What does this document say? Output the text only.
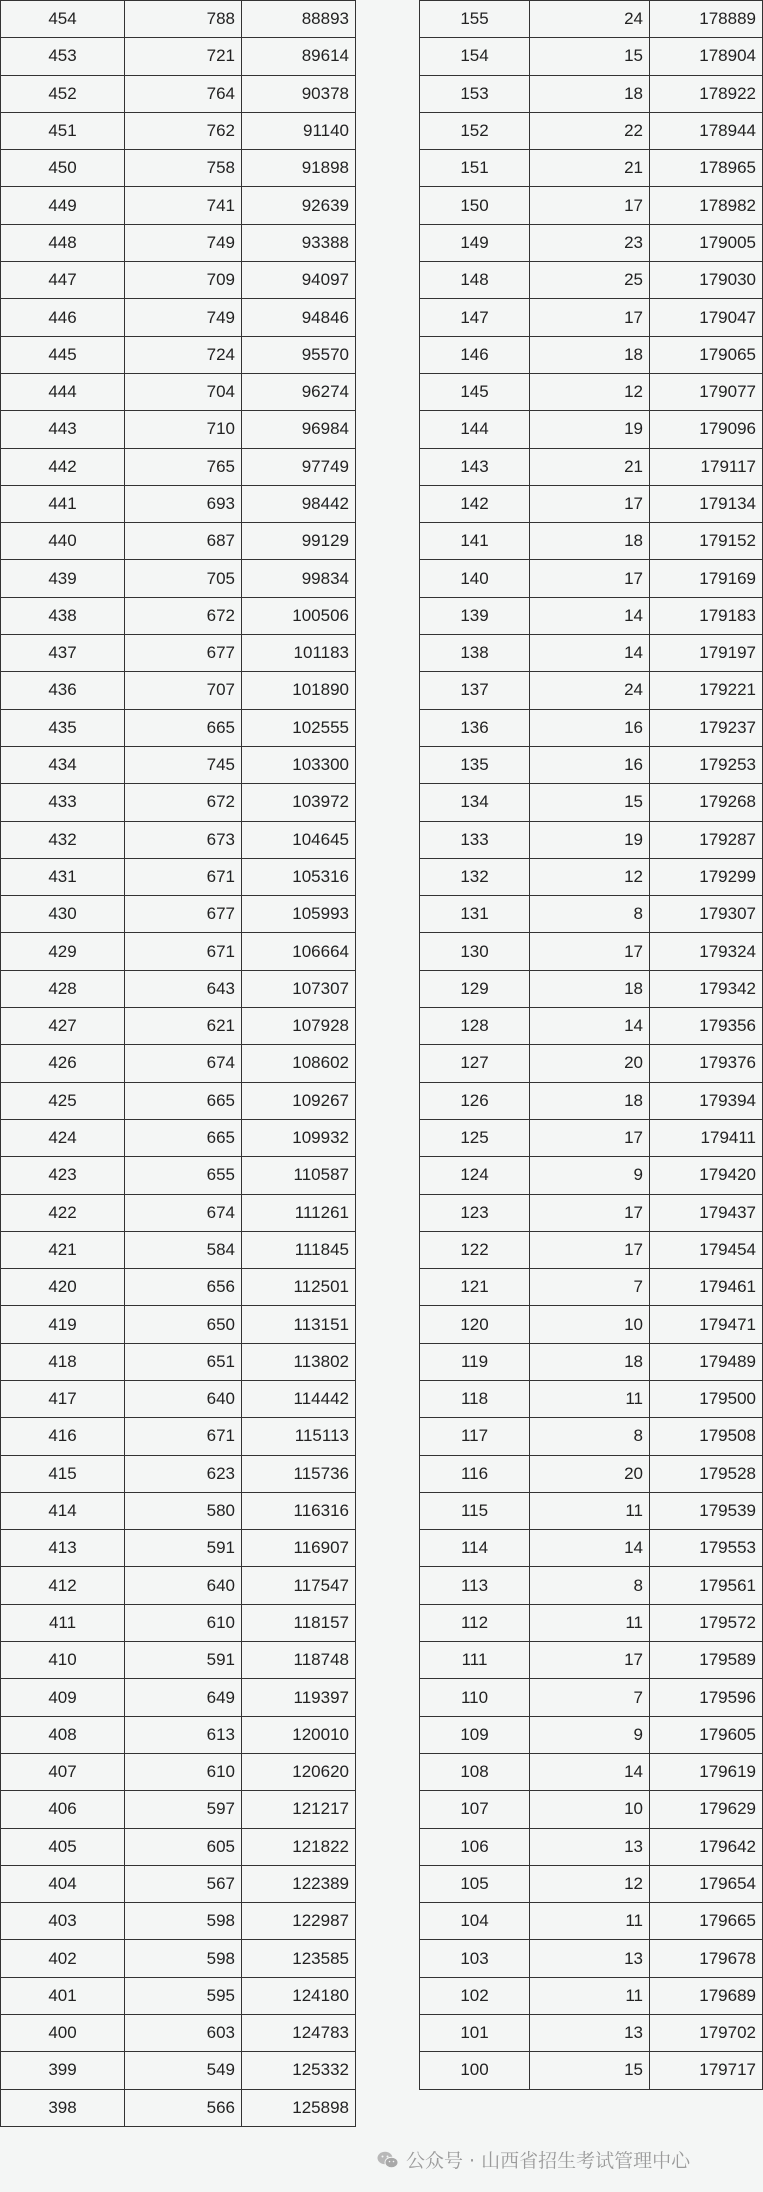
454	788	88893
453	721	89614
452	764	90378
451	762	91140
450	758	91898
449	741	92639
448	749	93388
447	709	94097
446	749	94846
445	724	95570
444	704	96274
443	710	96984
442	765	97749
441	693	98442
440	687	99129
439	705	99834
438	672	100506
437	677	101183
436	707	101890
435	665	102555
434	745	103300
433	672	103972
432	673	104645
431	671	105316
430	677	105993
429	671	106664
428	643	107307
427	621	107928
426	674	108602
425	665	109267
424	665	109932
423	655	110587
422	674	111261
421	584	111845
420	656	112501
419	650	113151
418	651	113802
417	640	114442
416	671	115113
415	623	115736
414	580	116316
413	591	116907
412	640	117547
411	610	118157
410	591	118748
409	649	119397
408	613	120010
407	610	120620
406	597	121217
405	605	121822
404	567	122389
403	598	122987
402	598	123585
401	595	124180
400	603	124783
399	549	125332
398	566	125898
155	24	178889
154	15	178904
153	18	178922
152	22	178944
151	21	178965
150	17	178982
149	23	179005
148	25	179030
147	17	179047
146	18	179065
145	12	179077
144	19	179096
143	21	179117
142	17	179134
141	18	179152
140	17	179169
139	14	179183
138	14	179197
137	24	179221
136	16	179237
135	16	179253
134	15	179268
133	19	179287
132	12	179299
131	8	179307
130	17	179324
129	18	179342
128	14	179356
127	20	179376
126	18	179394
125	17	179411
124	9	179420
123	17	179437
122	17	179454
121	7	179461
120	10	179471
119	18	179489
118	11	179500
117	8	179508
116	20	179528
115	11	179539
114	14	179553
113	8	179561
112	11	179572
111	17	179589
110	7	179596
109	9	179605
108	14	179619
107	10	179629
106	13	179642
105	12	179654
104	11	179665
103	13	179678
102	11	179689
101	13	179702
100	15	179717
公众号 · 山西省招生考试管理中心
